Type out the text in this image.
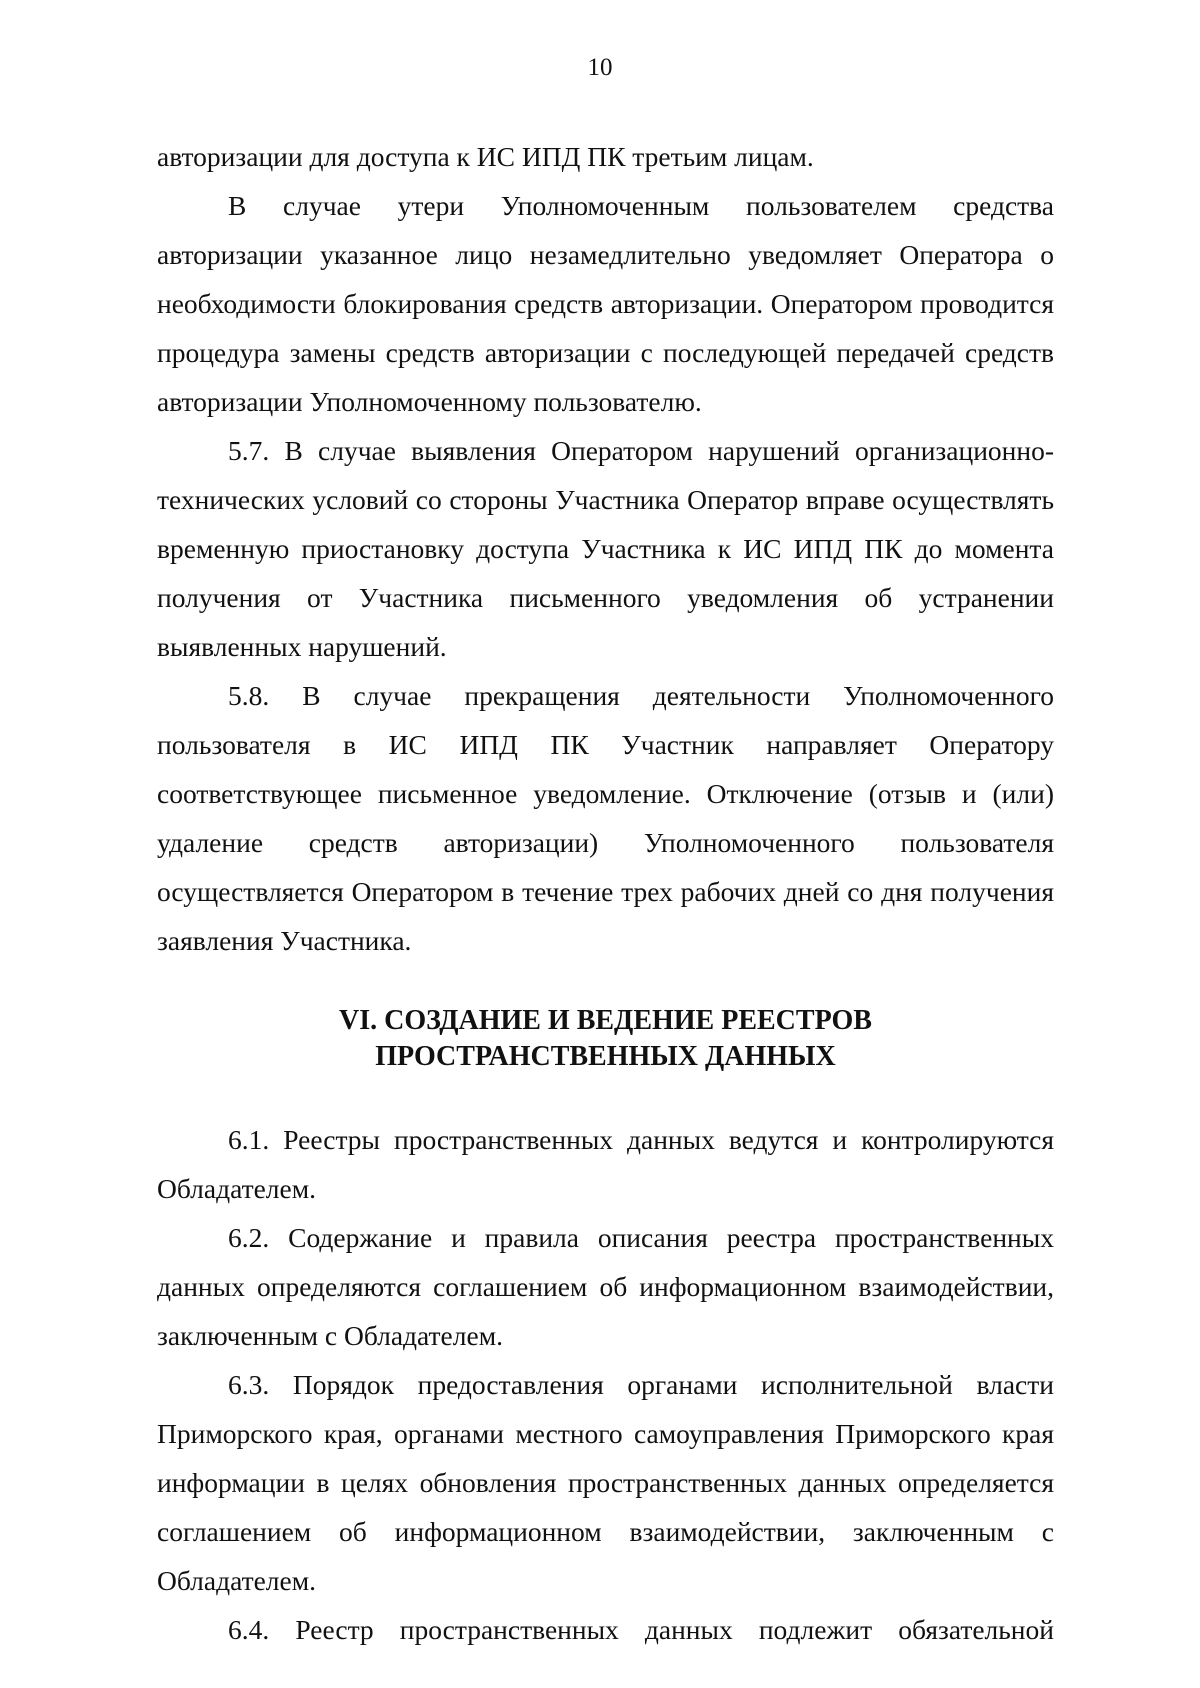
10

авторизации для доступа к ИС ИПД ПК третьим лицам.

В случае утери Уполномоченным пользователем средства авторизации указанное лицо незамедлительно уведомляет Оператора о необходимости блокирования средств авторизации. Оператором проводится процедура замены средств авторизации с последующей передачей средств авторизации Уполномоченному пользователю.

5.7. В случае выявления Оператором нарушений организационно-технических условий со стороны Участника Оператор вправе осуществлять временную приостановку доступа Участника к ИС ИПД ПК до момента получения от Участника письменного уведомления об устранении выявленных нарушений.

5.8. В случае прекращения деятельности Уполномоченного пользователя в ИС ИПД ПК Участник направляет Оператору соответствующее письменное уведомление. Отключение (отзыв и (или) удаление средств авторизации) Уполномоченного пользователя осуществляется Оператором в течение трех рабочих дней со дня получения заявления Участника.

VI. СОЗДАНИЕ И ВЕДЕНИЕ РЕЕСТРОВ
ПРОСТРАНСТВЕННЫХ ДАННЫХ

6.1. Реестры пространственных данных ведутся и контролируются Обладателем.

6.2. Содержание и правила описания реестра пространственных данных определяются соглашением об информационном взаимодействии, заключенным с Обладателем.

6.3. Порядок предоставления органами исполнительной власти Приморского края, органами местного самоуправления Приморского края информации в целях обновления пространственных данных определяется соглашением об информационном взаимодействии, заключенным с Обладателем.

6.4. Реестр пространственных данных подлежит обязательной
